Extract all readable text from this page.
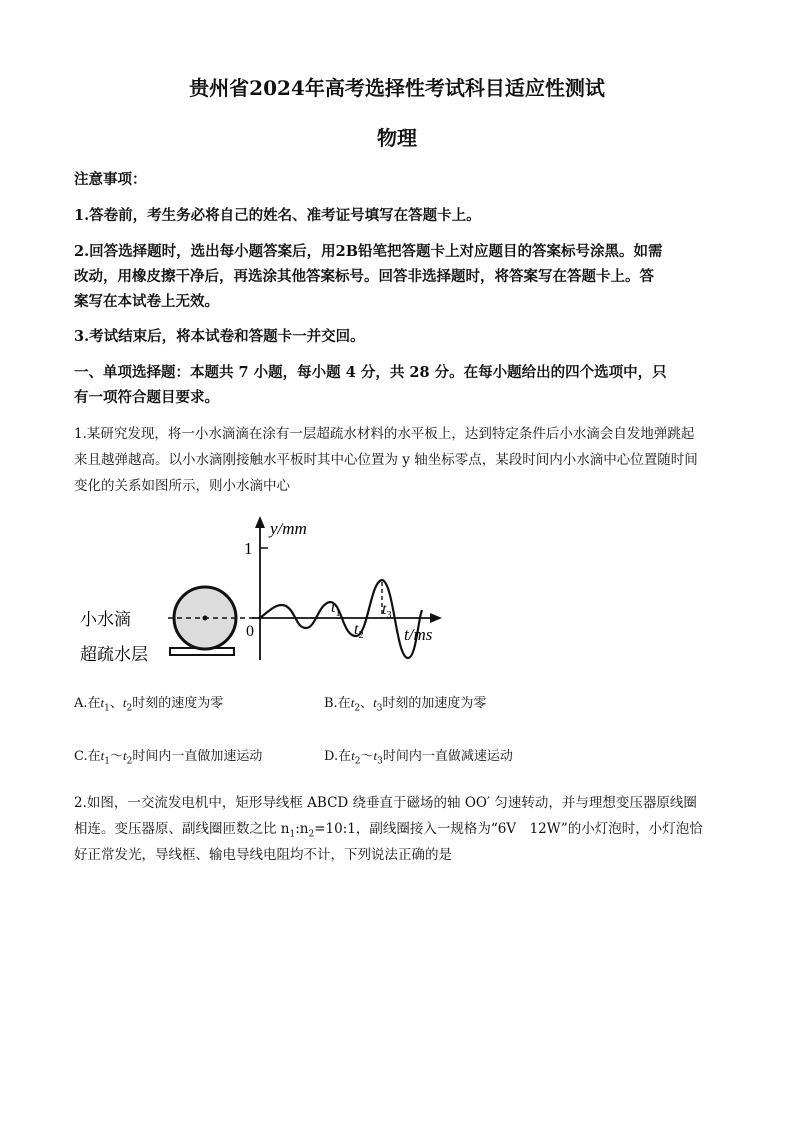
贵州省2024年高考选择性考试科目适应性测试
物理
注意事项：
1.答卷前，考生务必将自己的姓名、准考证号填写在答题卡上。
2.回答选择题时，选出每小题答案后，用2B铅笔把答题卡上对应题目的答案标号涂黑。如需
改动，用橡皮擦干净后，再选涂其他答案标号。回答非选择题时，将答案写在答题卡上。答
案写在本试卷上无效。
3.考试结束后，将本试卷和答题卡一并交回。
一、单项选择题：本题共 7 小题，每小题 4 分，共 28 分。在每小题给出的四个选项中，只
有一项符合题目要求。
1.某研究发现，将一小水滴滴在涂有一层超疏水材料的水平板上，达到特定条件后小水滴会自发地弹跳起
来且越弹越高。以小水滴刚接触水平板时其中心位置为 y 轴坐标零点，某段时间内小水滴中心位置随时间
变化的关系如图所示，则小水滴中心
y/mm
1
0	t/ms
$t_1$
$t_2$
$t_3$
小水滴
超疏水层
A.在$t_1$、$t_2$时刻的速度为零	B.在$t_2$、$t_3$时刻的加速度为零
C.在$t_1\sim t_2$时间内一直做加速运动	D.在$t_2\sim t_3$时间内一直做减速运动
2.如图，一交流发电机中，矩形导线框 ABCD 绕垂直于磁场的轴 OO′ 匀速转动，并与理想变压器原线圈
相连。变压器原、副线圈匝数之比 $n_1:n_2=10:1$，副线圈接入一规格为“6V　12W”的小灯泡时，小灯泡恰
好正常发光，导线框、输电导线电阻均不计，下列说法正确的是
